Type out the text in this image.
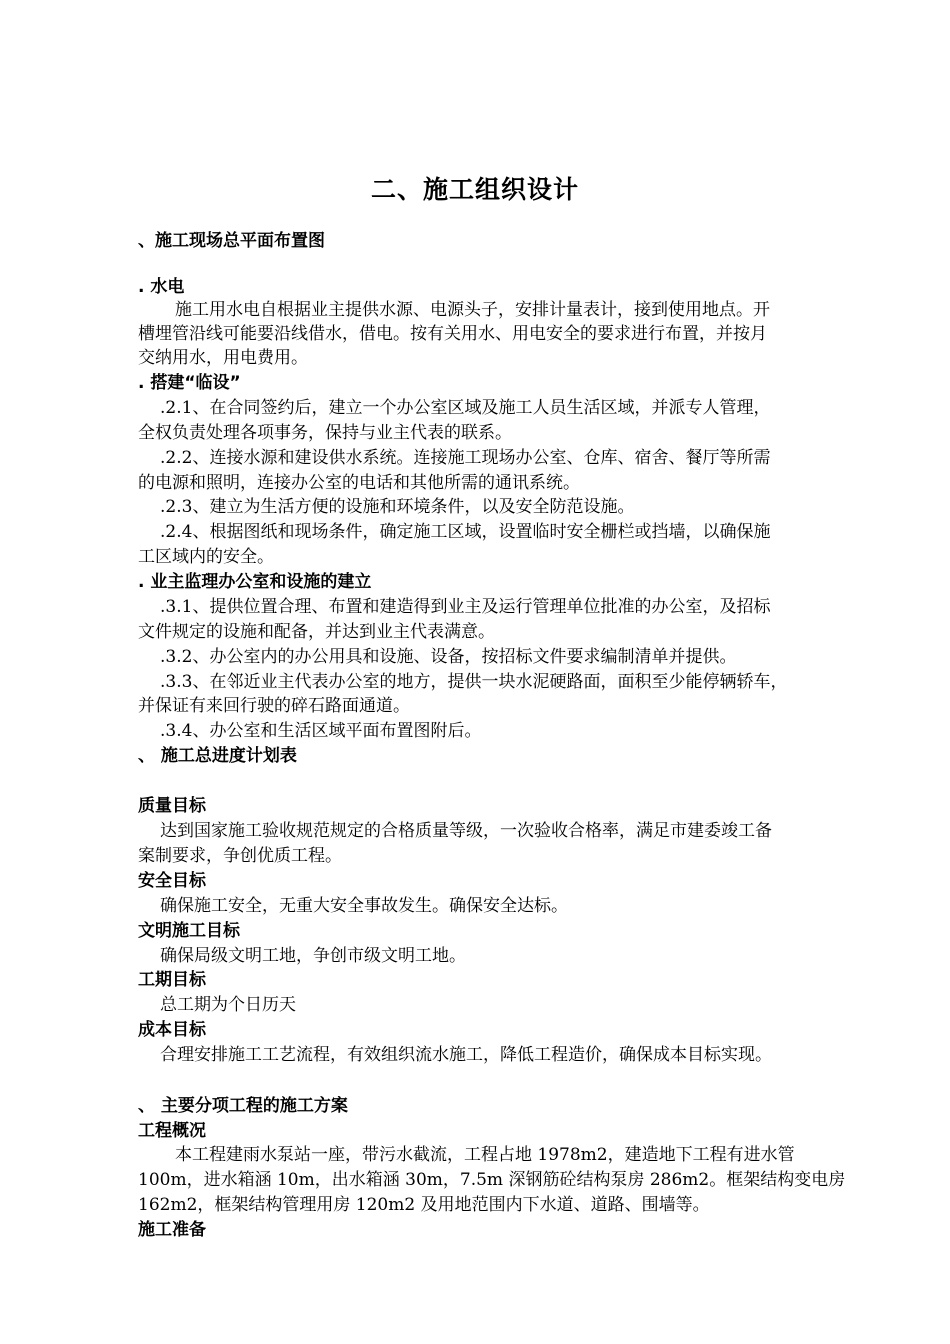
二、施工组织设计
、施工现场总平面布置图
. 水电
施工用水电自根据业主提供水源、电源头子，安排计量表计，接到使用地点。开
槽埋管沿线可能要沿线借水，借电。按有关用水、用电安全的要求进行布置，并按月
交纳用水，用电费用。
. 搭建“临设”
.2.1、在合同签约后，建立一个办公室区域及施工人员生活区域，并派专人管理，
全权负责处理各项事务，保持与业主代表的联系。
.2.2、连接水源和建设供水系统。连接施工现场办公室、仓库、宿舍、餐厅等所需
的电源和照明，连接办公室的电话和其他所需的通讯系统。
.2.3、建立为生活方便的设施和环境条件，以及安全防范设施。
.2.4、根据图纸和现场条件，确定施工区域，设置临时安全栅栏或挡墙，以确保施
工区域内的安全。
. 业主监理办公室和设施的建立
.3.1、提供位置合理、布置和建造得到业主及运行管理单位批准的办公室，及招标
文件规定的设施和配备，并达到业主代表满意。
.3.2、办公室内的办公用具和设施、设备，按招标文件要求编制清单并提供。
.3.3、在邻近业主代表办公室的地方，提供一块水泥硬路面，面积至少能停辆轿车，
并保证有来回行驶的碎石路面通道。
.3.4、办公室和生活区域平面布置图附后。
、 施工总进度计划表
质量目标
达到国家施工验收规范规定的合格质量等级，一次验收合格率，满足市建委竣工备
案制要求，争创优质工程。
安全目标
确保施工安全，无重大安全事故发生。确保安全达标。
文明施工目标
确保局级文明工地，争创市级文明工地。
工期目标
总工期为个日历天
成本目标
合理安排施工工艺流程，有效组织流水施工，降低工程造价，确保成本目标实现。
、 主要分项工程的施工方案
工程概况
本工程建雨水泵站一座，带污水截流，工程占地 1978m2，建造地下工程有进水管
100m，进水箱涵 10m，出水箱涵 30m，7.5m 深钢筋砼结构泵房 286m2。框架结构变电房
162m2，框架结构管理用房 120m2 及用地范围内下水道、道路、围墙等。
施工准备
